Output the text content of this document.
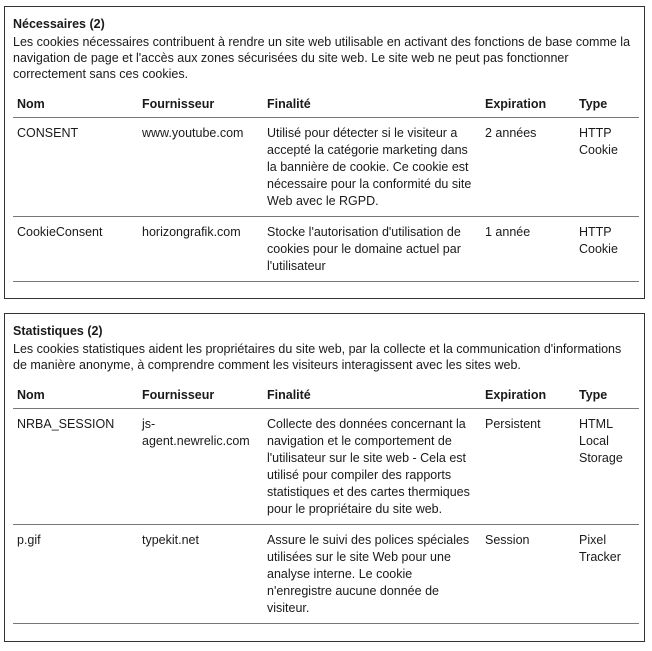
Nécessaires (2)
Les cookies nécessaires contribuent à rendre un site web utilisable en activant des fonctions de base comme la navigation de page et l'accès aux zones sécurisées du site web. Le site web ne peut pas fonctionner correctement sans ces cookies.
Nom	Fournisseur	Finalité	Expiration	Type
CONSENT	www.youtube.com	Utilisé pour détecter si le visiteur a accepté la catégorie marketing dans la bannière de cookie. Ce cookie est nécessaire pour la conformité du site Web avec le RGPD.	2 années	HTTP Cookie
CookieConsent	horizongrafik.com	Stocke l'autorisation d'utilisation de cookies pour le domaine actuel par l'utilisateur	1 année	HTTP Cookie
Statistiques (2)
Les cookies statistiques aident les propriétaires du site web, par la collecte et la communication d'informations de manière anonyme, à comprendre comment les visiteurs interagissent avec les sites web.
Nom	Fournisseur	Finalité	Expiration	Type
NRBA_SESSION	js-agent.newrelic.com	Collecte des données concernant la navigation et le comportement de l'utilisateur sur le site web - Cela est utilisé pour compiler des rapports statistiques et des cartes thermiques pour le propriétaire du site web.	Persistent	HTML Local Storage
p.gif	typekit.net	Assure le suivi des polices spéciales utilisées sur le site Web pour une analyse interne. Le cookie n'enregistre aucune donnée de visiteur.	Session	Pixel Tracker
